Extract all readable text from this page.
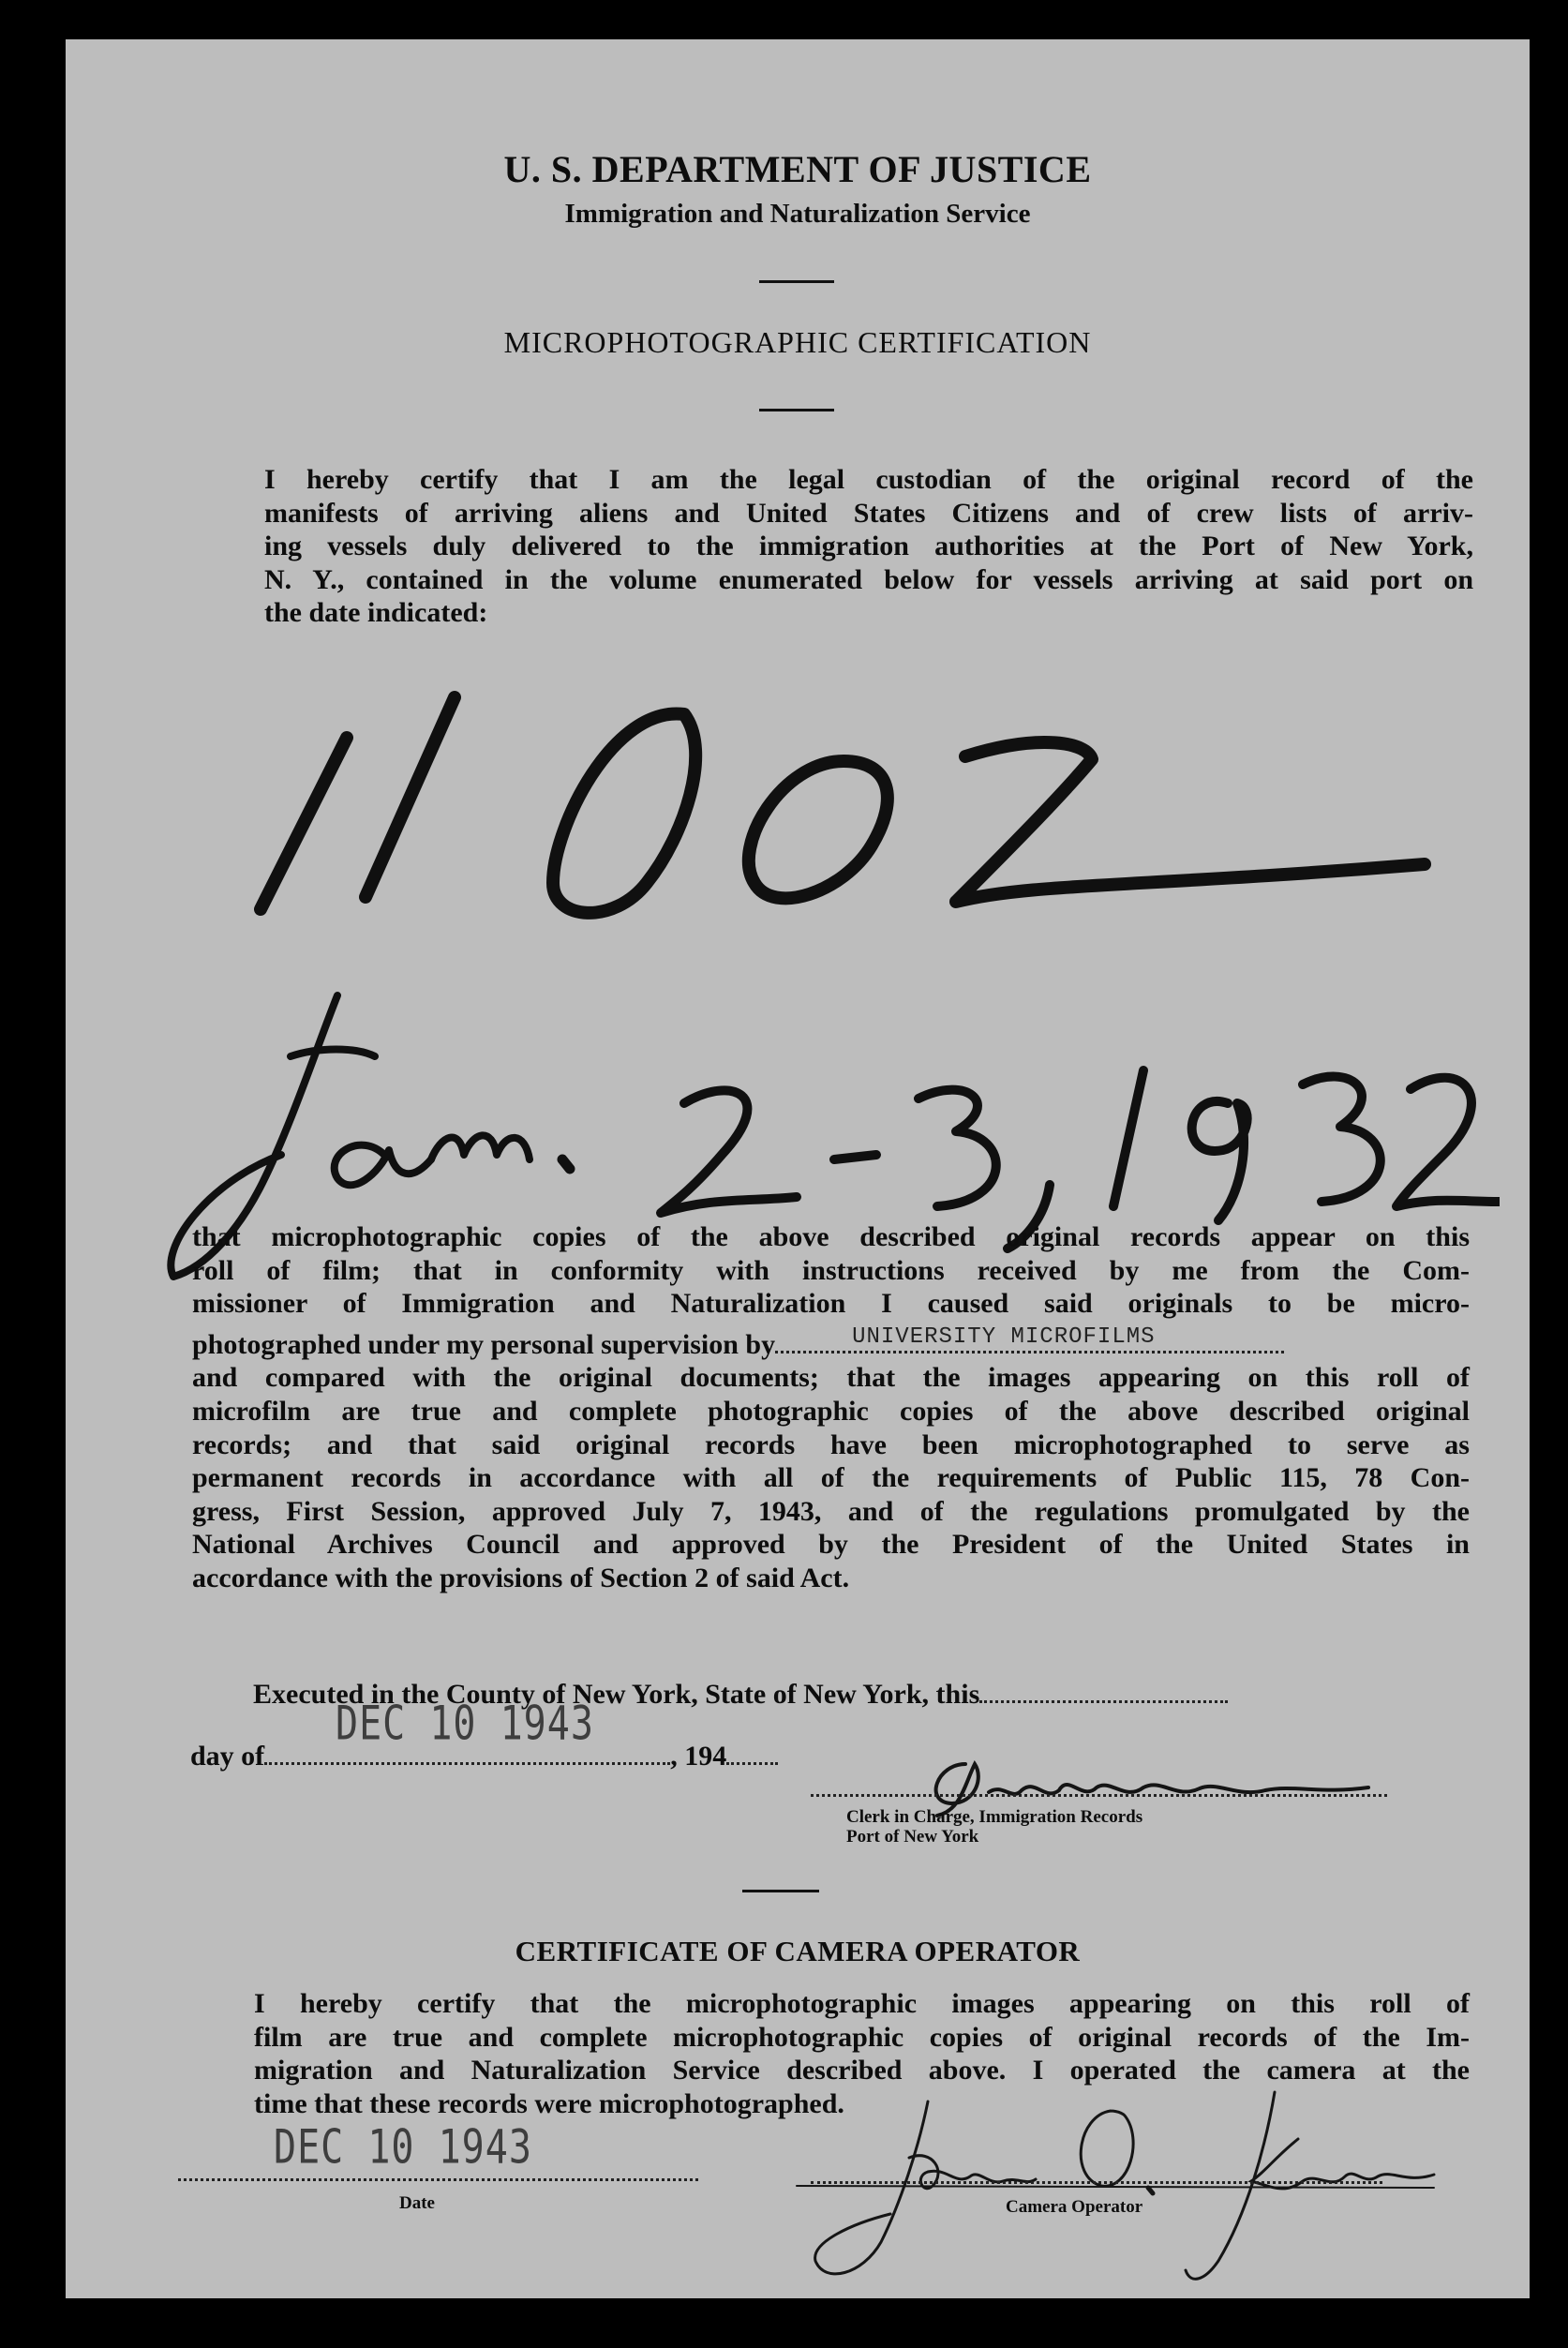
U. S. DEPARTMENT OF JUSTICE
Immigration and Naturalization Service
MICROPHOTOGRAPHIC CERTIFICATION
I hereby certify that I am the legal custodian of the original record of the
manifests of arriving aliens and United States Citizens and of crew lists of arriv-
ing vessels duly delivered to the immigration authorities at the Port of New York,
N. Y., contained in the volume enumerated below for vessels arriving at said port on
the date indicated:
that microphotographic copies of the above described original records appear on this
roll of film; that in conformity with instructions received by me from the Com-
missioner of Immigration and Naturalization I caused said originals to be micro-
photographed under my personal supervision by	UNIVERSITY MICROFILMS
and compared with the original documents; that the images appearing on this roll of
microfilm are true and complete photographic copies of the above described original
records; and that said original records have been microphotographed to serve as
permanent records in accordance with all of the requirements of Public 115, 78 Con-
gress, First Session, approved July 7, 1943, and of the regulations promulgated by the
National Archives Council and approved by the President of the United States in
accordance with the provisions of Section 2 of said Act.
Executed in the County of New York, State of New York, this
DEC 10 1943
day of	, 194
Clerk in Charge, Immigration Records
Port of New York
CERTIFICATE OF CAMERA OPERATOR
I hereby certify that the microphotographic images appearing on this roll of
film are true and complete microphotographic copies of original records of the Im-
migration and Naturalization Service described above. I operated the camera at the
time that these records were microphotographed.
DEC 10 1943
Date	Camera Operator
